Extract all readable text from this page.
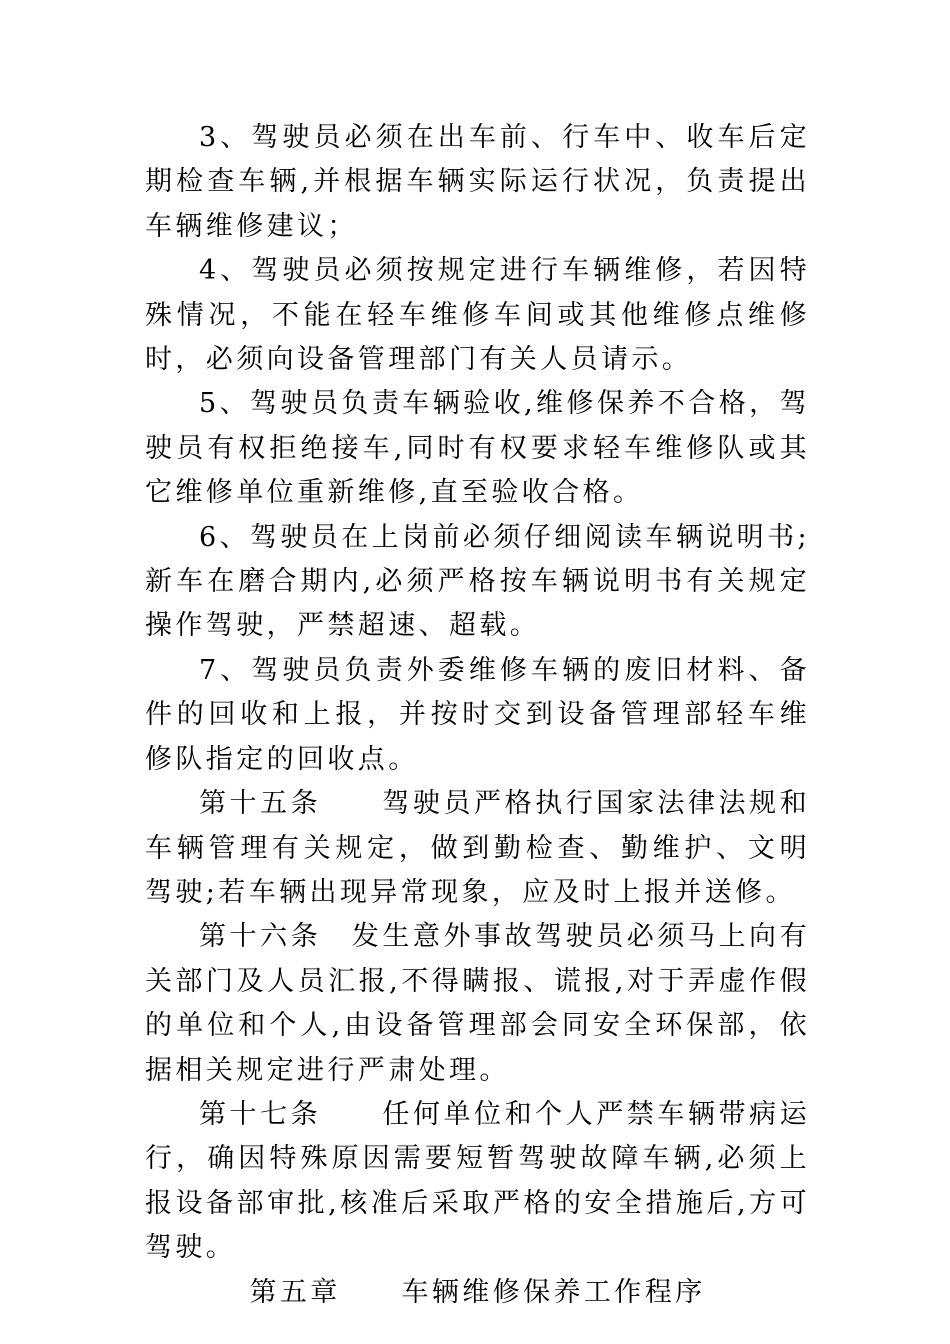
3、驾驶员必须在出车前、行车中、收车后定期检查车辆,并根据车辆实际运行状况，负责提出车辆维修建议；

4、驾驶员必须按规定进行车辆维修，若因特殊情况，不能在轻车维修车间或其他维修点维修时，必须向设备管理部门有关人员请示。

5、驾驶员负责车辆验收,维修保养不合格，驾驶员有权拒绝接车,同时有权要求轻车维修队或其它维修单位重新维修,直至验收合格。

6、驾驶员在上岗前必须仔细阅读车辆说明书;新车在磨合期内,必须严格按车辆说明书有关规定操作驾驶，严禁超速、超载。

7、驾驶员负责外委维修车辆的废旧材料、备件的回收和上报，并按时交到设备管理部轻车维修队指定的回收点。

第十五条　　驾驶员严格执行国家法律法规和车辆管理有关规定，做到勤检查、勤维护、文明驾驶;若车辆出现异常现象，应及时上报并送修。

第十六条　发生意外事故驾驶员必须马上向有关部门及人员汇报,不得瞒报、谎报,对于弄虚作假的单位和个人,由设备管理部会同安全环保部，依据相关规定进行严肃处理。

第十七条　　任何单位和个人严禁车辆带病运行，确因特殊原因需要短暂驾驶故障车辆,必须上报设备部审批,核准后采取严格的安全措施后,方可驾驶。

第五章　　车辆维修保养工作程序
